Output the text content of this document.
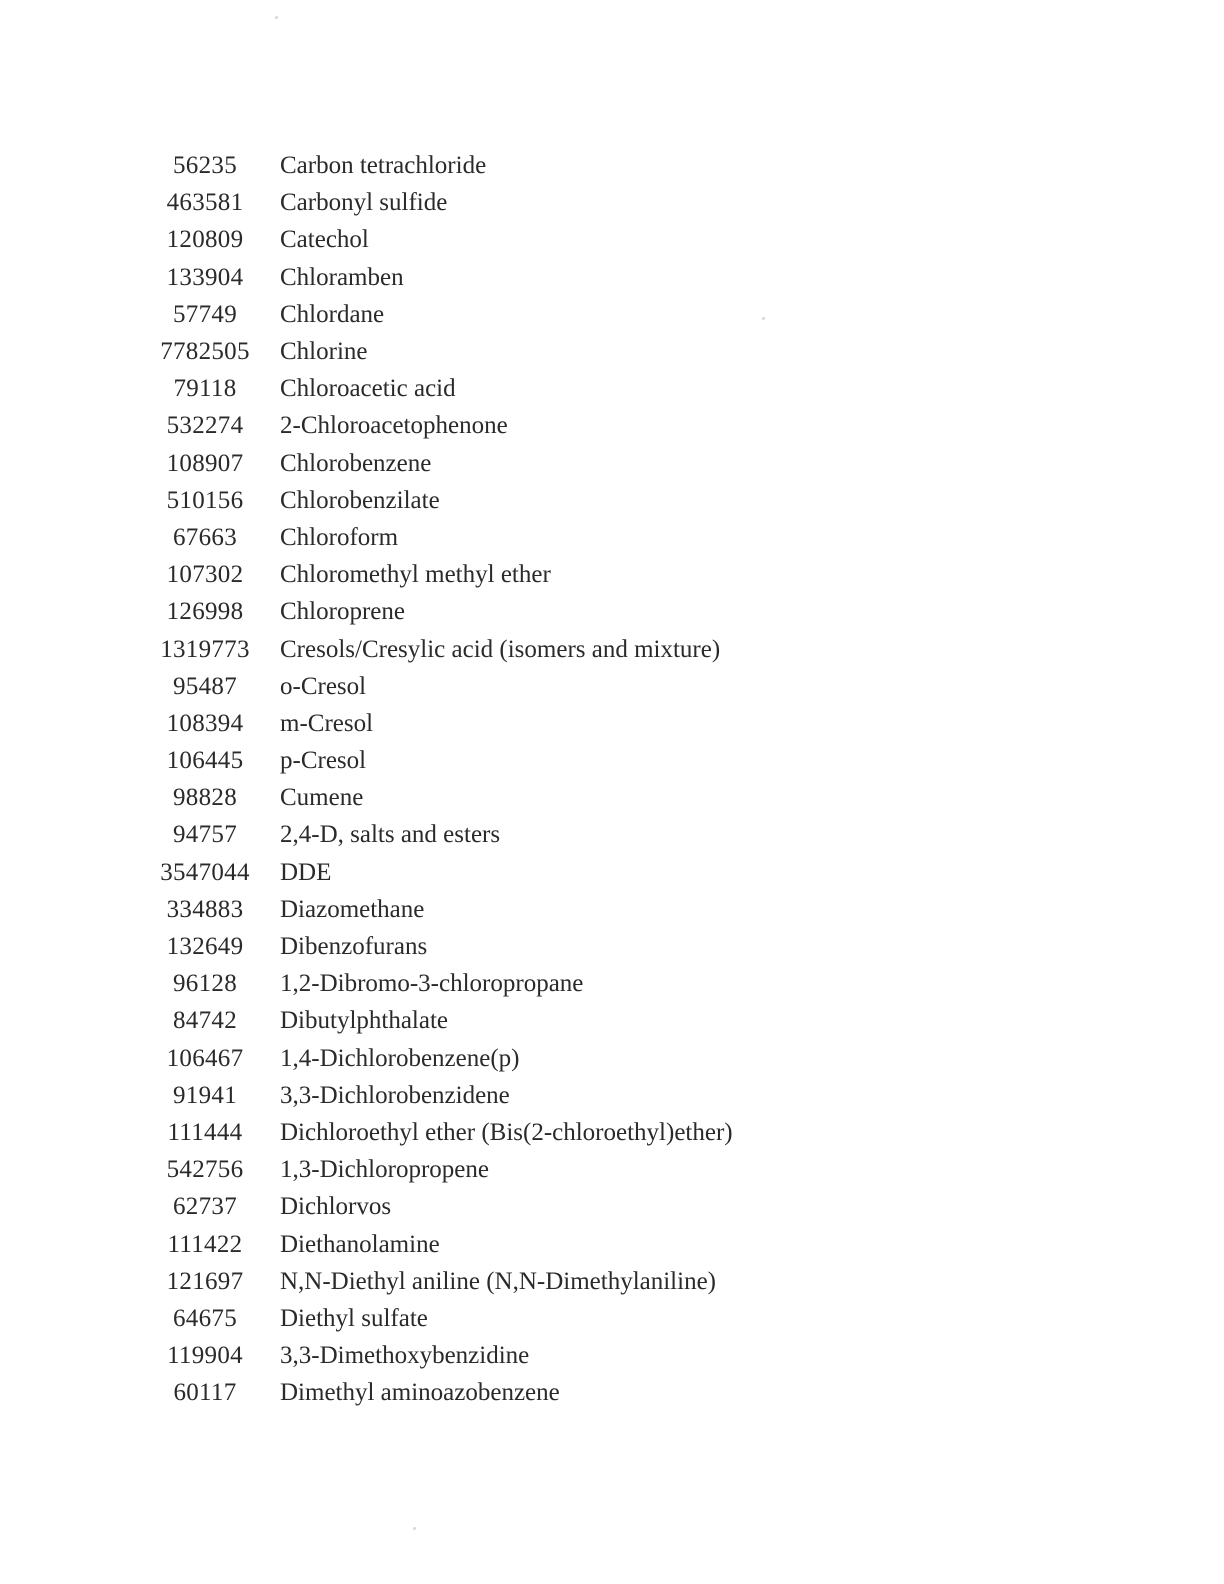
56235	Carbon tetrachloride
463581	Carbonyl sulfide
120809	Catechol
133904	Chloramben
57749	Chlordane
7782505	Chlorine
79118	Chloroacetic acid
532274	2-Chloroacetophenone
108907	Chlorobenzene
510156	Chlorobenzilate
67663	Chloroform
107302	Chloromethyl methyl ether
126998	Chloroprene
1319773	Cresols/Cresylic acid (isomers and mixture)
95487	o-Cresol
108394	m-Cresol
106445	p-Cresol
98828	Cumene
94757	2,4-D, salts and esters
3547044	DDE
334883	Diazomethane
132649	Dibenzofurans
96128	1,2-Dibromo-3-chloropropane
84742	Dibutylphthalate
106467	1,4-Dichlorobenzene(p)
91941	3,3-Dichlorobenzidene
111444	Dichloroethyl ether (Bis(2-chloroethyl)ether)
542756	1,3-Dichloropropene
62737	Dichlorvos
111422	Diethanolamine
121697	N,N-Diethyl aniline (N,N-Dimethylaniline)
64675	Diethyl sulfate
119904	3,3-Dimethoxybenzidine
60117	Dimethyl aminoazobenzene
